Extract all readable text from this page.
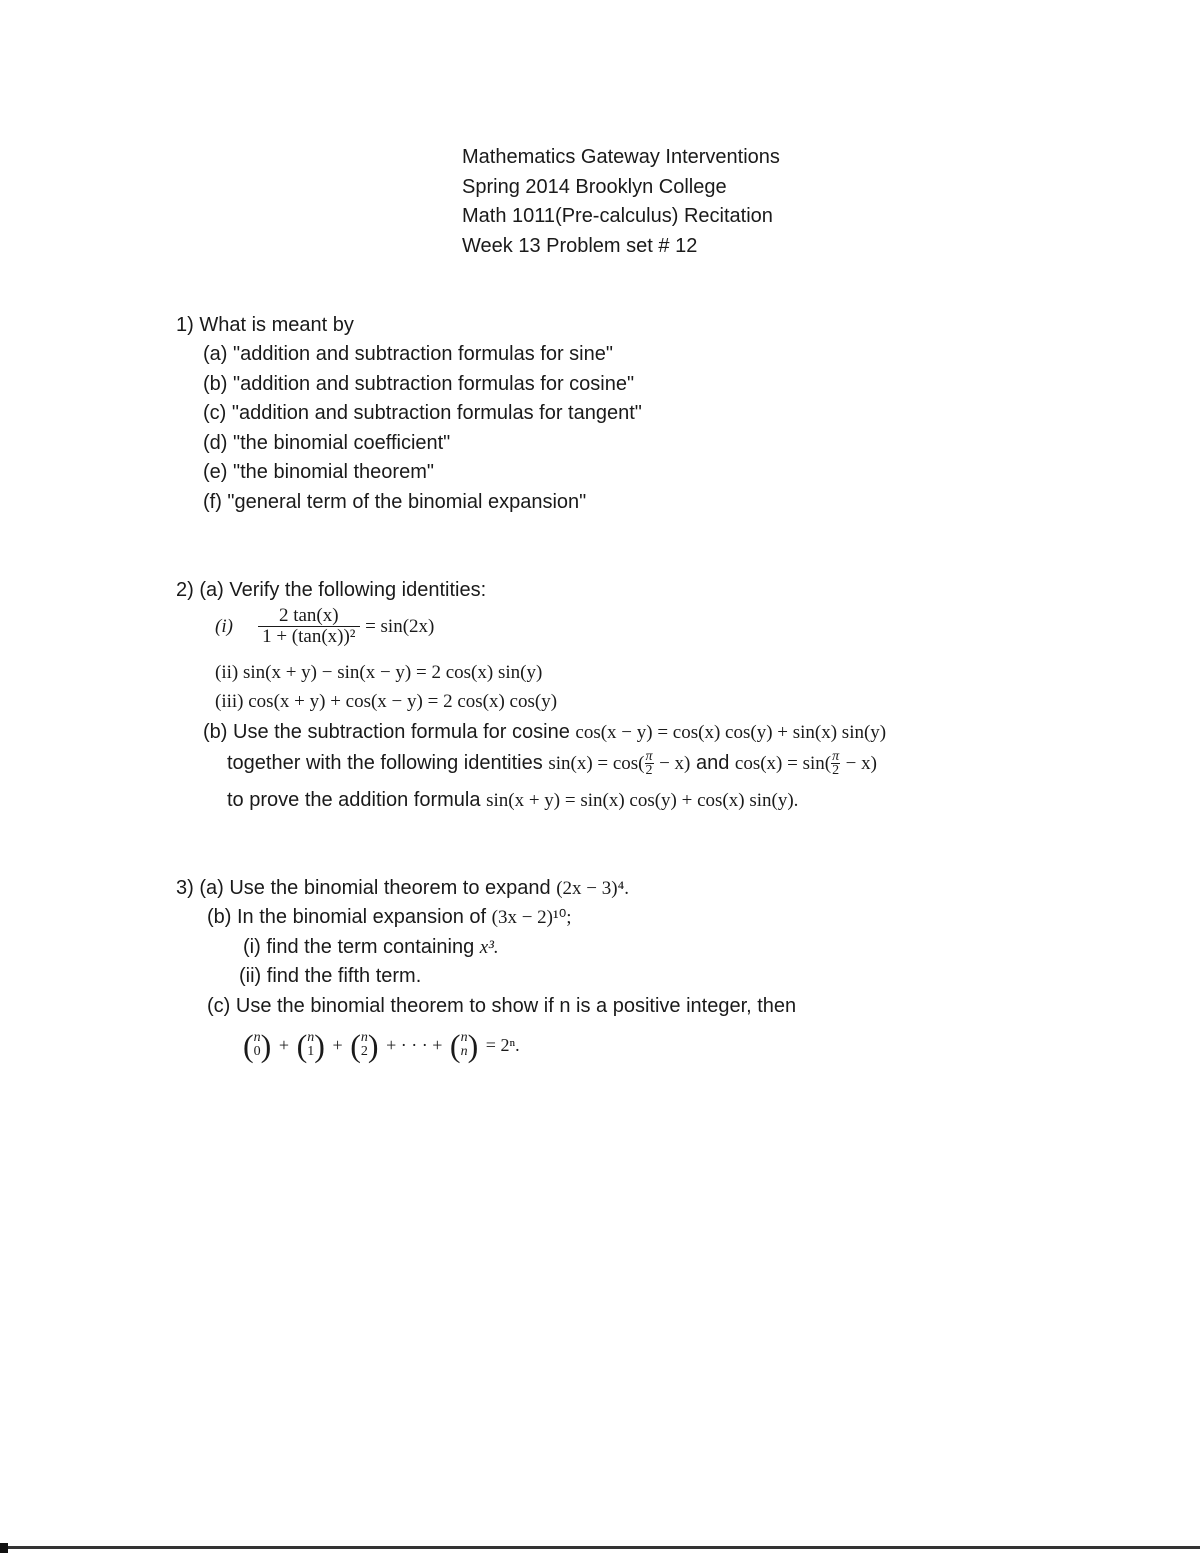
Mathematics Gateway Interventions
Spring 2014 Brooklyn College
Math 1011(Pre-calculus) Recitation
Week 13 Problem set # 12
1) What is meant by
(a) "addition and subtraction formulas for sine"
(b) "addition and subtraction formulas for cosine"
(c) "addition and subtraction formulas for tangent"
(d) "the binomial coefficient"
(e) "the binomial theorem"
(f) "general term of the binomial expansion"
2) (a) Verify the following identities:
$(i) \frac{2 \tan(x)}{\text{1 + (tan(x))²}} = \sin(2x)$
(ii) sin(x + y) − sin(x − y) = 2 cos(x) sin(y)
(iii) cos(x + y) + cos(x − y) = 2 cos(x) cos(y)
(b) Use the subtraction formula for cosine cos(x − y) = cos(x) cos(y) + sin(x) sin(y)
together with the following identities $\sin(x) = \cos( \frac{\pi}{2} - x)$ and $\cos(x) = \sin( \frac{\pi}{2} - x)$
to prove the addition formula sin(x + y) = sin(x) cos(y) + cos(x) sin(y).
3) (a) Use the binomial theorem to expand (2x − 3)⁴.
(b) In the binomial expansion of (3x − 2)¹⁰;
(i) find the term containing x³.
(ii) find the fifth term.
(c) Use the binomial theorem to show if n is a positive integer, then
( n
0 ) + ( n
1 ) + ( n
2 ) + · · · + ( n
n ) = 2ⁿ.
